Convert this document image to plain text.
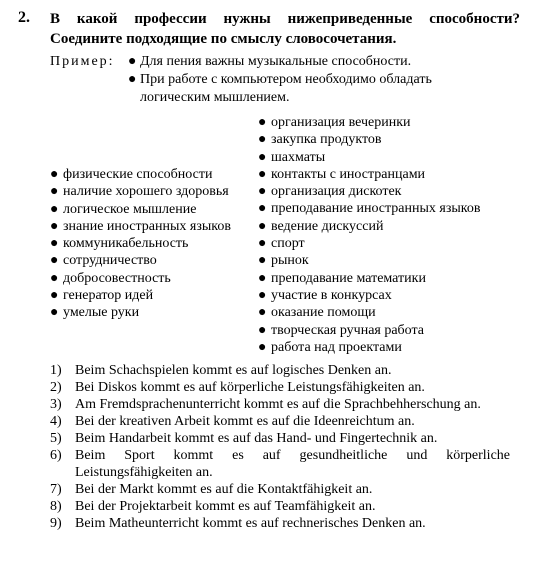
2. В какой профессии нужны нижеприведенные способности? Соедините подходящие по смыслу словосочетания.
Пример: ● Для пения важны музыкальные способности.
● При работе с компьютером необходимо обладать
логическим мышлением.
● физические способности
● наличие хорошего здоровья
● логическое мышление
● знание иностранных языков
● коммуникабельность
● сотрудничество
● добросовестность
● генератор идей
● умелые руки
● организация вечеринки
● закупка продуктов
● шахматы
● контакты с иностранцами
● организация дискотек
● преподавание иностранных языков
● ведение дискуссий
● спорт
● рынок
● преподавание математики
● участие в конкурсах
● оказание помощи
● творческая ручная работа
● работа над проектами
1) Beim Schachspielen kommt es auf logisches Denken an.
2) Bei Diskos kommt es auf körperliche Leistungsfähigkeiten an.
3) Am Fremdsprachenunterricht kommt es auf die Sprachbehherschung an.
4) Bei der kreativen Arbeit kommt es auf die Ideenreichtum an.
5) Beim Handarbeit kommt es auf das Hand- und Fingertechnik an.
6) Beim Sport kommt es auf gesundheitliche und körperliche Leistungsfähigkeiten an.
7) Bei der Markt kommt es auf die Kontaktfähigkeit an.
8) Bei der Projektarbeit kommt es auf Teamfähigkeit an.
9) Beim Matheunterricht kommt es auf rechnerisches Denken an.
